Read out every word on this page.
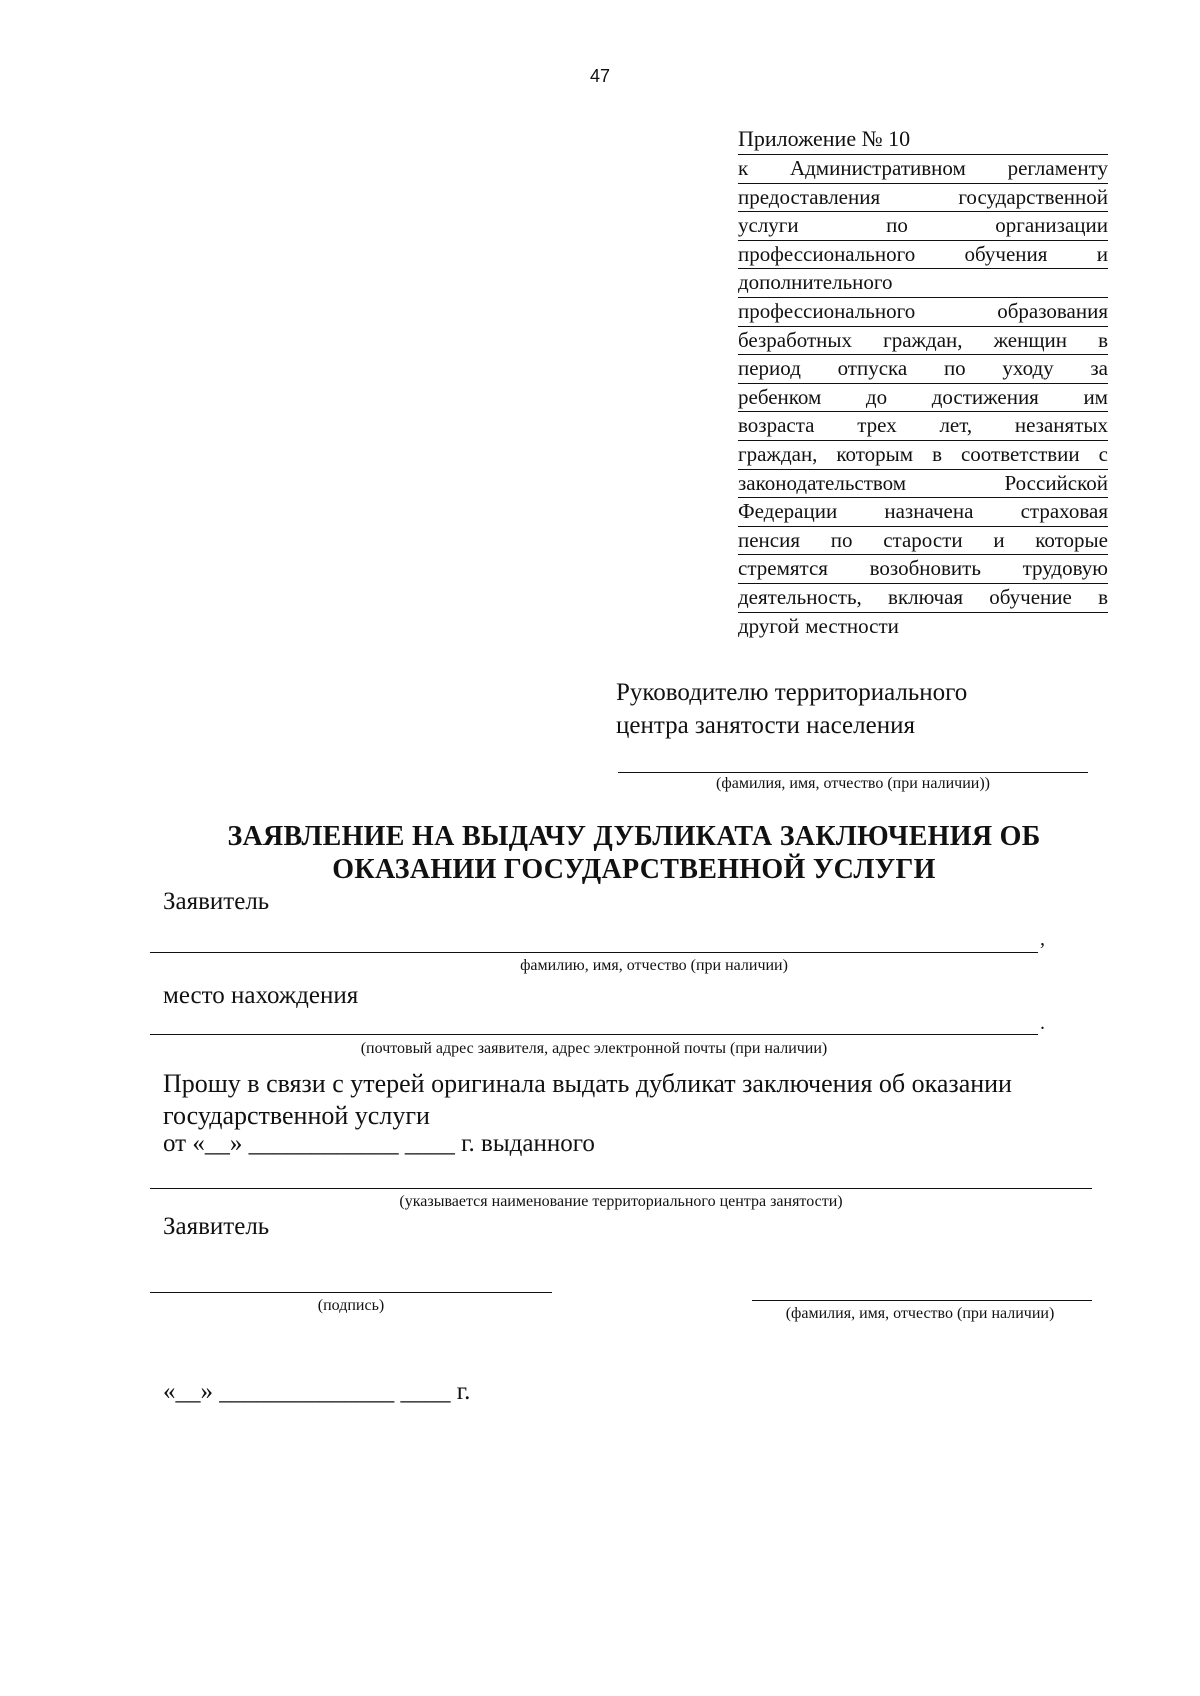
47
Приложение № 10
к Административном регламенту
предоставления	государственной
услуги	по	организации
профессионального обучения и
дополнительного
профессионального	образования
безработных граждан, женщин в
период отпуска по уходу за
ребенком до достижения им
возраста трех лет, незанятых
граждан, которым в соответствии с
законодательством	Российской
Федерации назначена страховая
пенсия по старости и которые
стремятся возобновить трудовую
деятельность, включая обучение в
другой местности
Руководителю территориального
центра занятости населения
(фамилия, имя, отчество (при наличии))
ЗАЯВЛЕНИЕ НА ВЫДАЧУ ДУБЛИКАТА ЗАКЛЮЧЕНИЯ ОБ
ОКАЗАНИИ ГОСУДАРСТВЕННОЙ УСЛУГИ
Заявитель
,
фамилию, имя, отчество (при наличии)
место нахождения
.
(почтовый адрес заявителя, адрес электронной почты (при наличии)
Прошу в связи с утерей оригинала выдать дубликат заключения об оказании
государственной услуги
от «__» ____________ ____ г. выданного
(указывается наименование территориального центра занятости)
Заявитель
(подпись)	(фамилия, имя, отчество (при наличии)
«__» ______________ ____ г.
